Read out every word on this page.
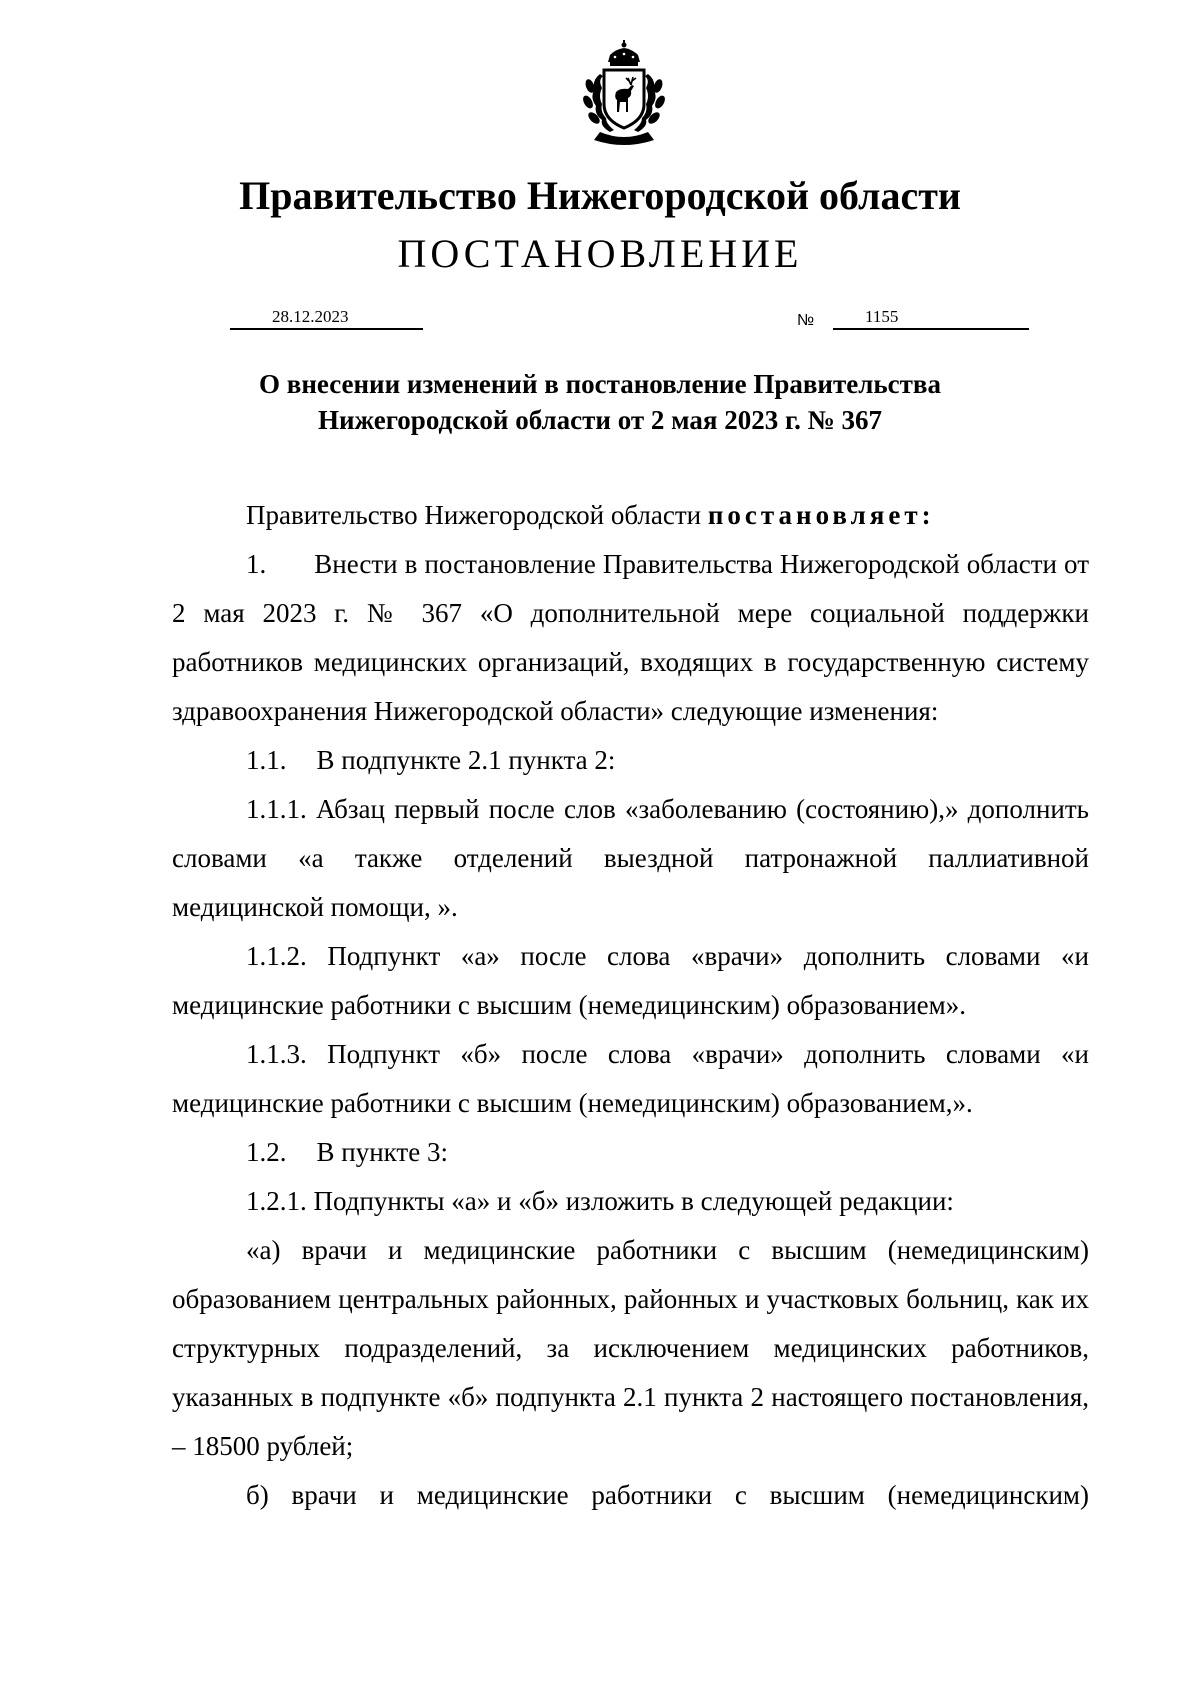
Правительство Нижегородской области
ПОСТАНОВЛЕНИЕ
28.12.2023	№	1155
О внесении изменений в постановление Правительства
Нижегородской области от 2 мая 2023 г. № 367

Правительство Нижегородской области постановляет:

1. Внести в постановление Правительства Нижегородской области от 2 мая 2023 г. № 367 «О дополнительной мере социальной поддержки работников медицинских организаций, входящих в государственную систему здравоохранения Нижегородской области» следующие изменения:

1.1. В подпункте 2.1 пункта 2:

1.1.1. Абзац первый после слов «заболеванию (состоянию),» дополнить словами «а также отделений выездной патронажной паллиативной медицинской помощи, ».

1.1.2. Подпункт «а» после слова «врачи» дополнить словами «и медицинские работники с высшим (немедицинским) образованием».

1.1.3. Подпункт «б» после слова «врачи» дополнить словами «и медицинские работники с высшим (немедицинским) образованием,».

1.2. В пункте 3:

1.2.1. Подпункты «а» и «б» изложить в следующей редакции:

«а) врачи и медицинские работники с высшим (немедицинским) образованием центральных районных, районных и участковых больниц, как их структурных подразделений, за исключением медицинских работников, указанных в подпункте «б» подпункта 2.1 пункта 2 настоящего постановления, – 18500 рублей;

б) врачи и медицинские работники с высшим (немедицинским)
